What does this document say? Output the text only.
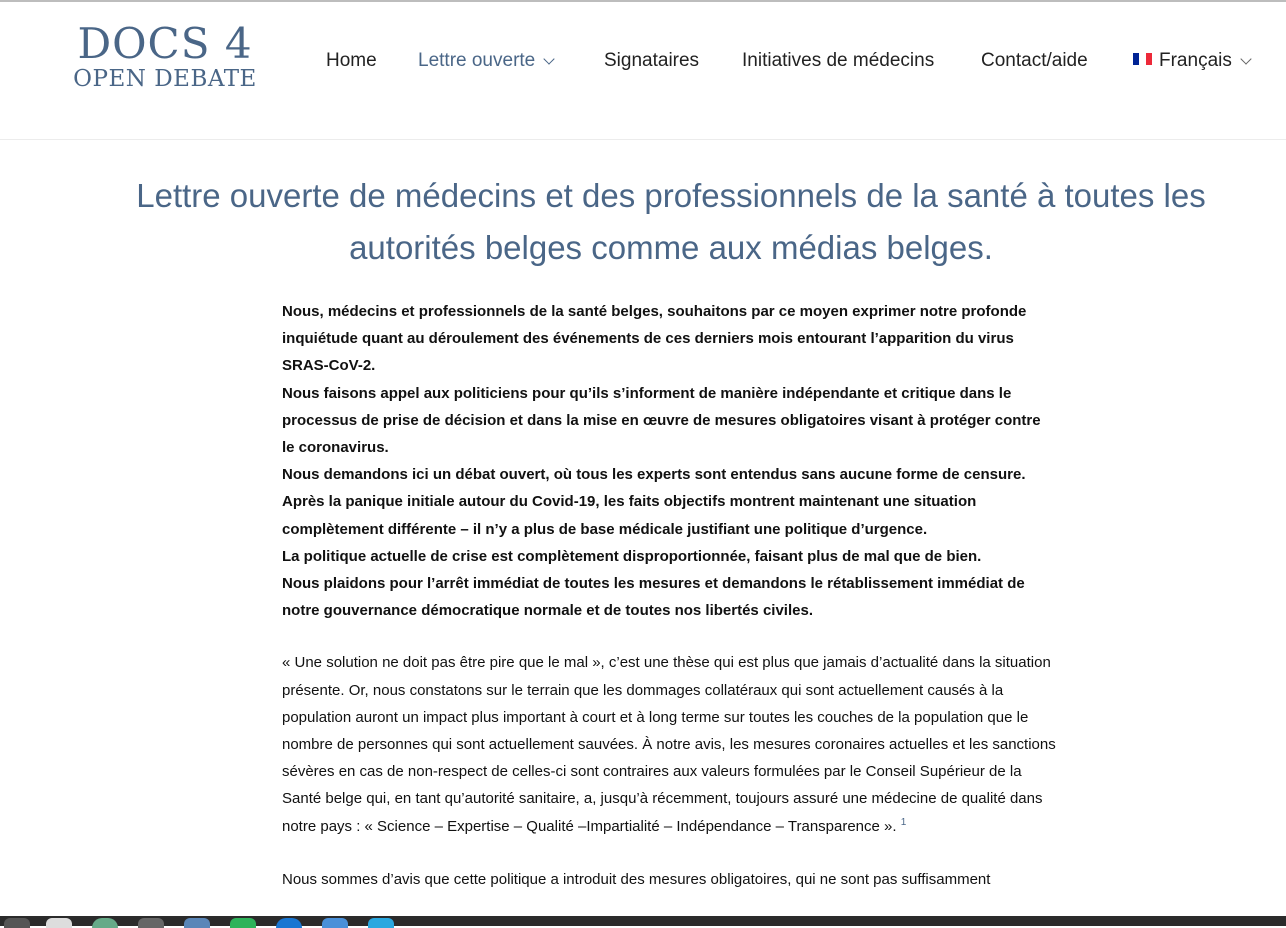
DOCS 4
OPEN DEBATE
Home Lettre ouverte	Signataires Initiatives de médecins Contact/aide	Français
Lettre ouverte de médecins et des professionnels de la santé à toutes les autorités belges comme aux médias belges.

Nous, médecins et professionnels de la santé belges, souhaitons par ce moyen exprimer notre profonde inquiétude quant au déroulement des événements de ces derniers mois entourant l’apparition du virus SRAS-CoV-2.
Nous faisons appel aux politiciens pour qu’ils s’informent de manière indépendante et critique dans le processus de prise de décision et dans la mise en œuvre de mesures obligatoires visant à protéger contre le coronavirus.
Nous demandons ici un débat ouvert, où tous les experts sont entendus sans aucune forme de censure.
Après la panique initiale autour du Covid-19, les faits objectifs montrent maintenant une situation complètement différente – il n’y a plus de base médicale justifiant une politique d’urgence.
La politique actuelle de crise est complètement disproportionnée, faisant plus de mal que de bien.
Nous plaidons pour l’arrêt immédiat de toutes les mesures et demandons le rétablissement immédiat de notre gouvernance démocratique normale et de toutes nos libertés civiles.

« Une solution ne doit pas être pire que le mal », c’est une thèse qui est plus que jamais d’actualité dans la situation présente. Or, nous constatons sur le terrain que les dommages collatéraux qui sont actuellement causés à la population auront un impact plus important à court et à long terme sur toutes les couches de la population que le nombre de personnes qui sont actuellement sauvées. À notre avis, les mesures coronaires actuelles et les sanctions sévères en cas de non-respect de celles-ci sont contraires aux valeurs formulées par le Conseil Supérieur de la Santé belge qui, en tant qu’autorité sanitaire, a, jusqu’à récemment, toujours assuré une médecine de qualité dans notre pays : « Science – Expertise – Qualité –Impartialité – Indépendance – Transparence ». $^1$

Nous sommes d’avis que cette politique a introduit des mesures obligatoires, qui ne sont pas suffisamment
